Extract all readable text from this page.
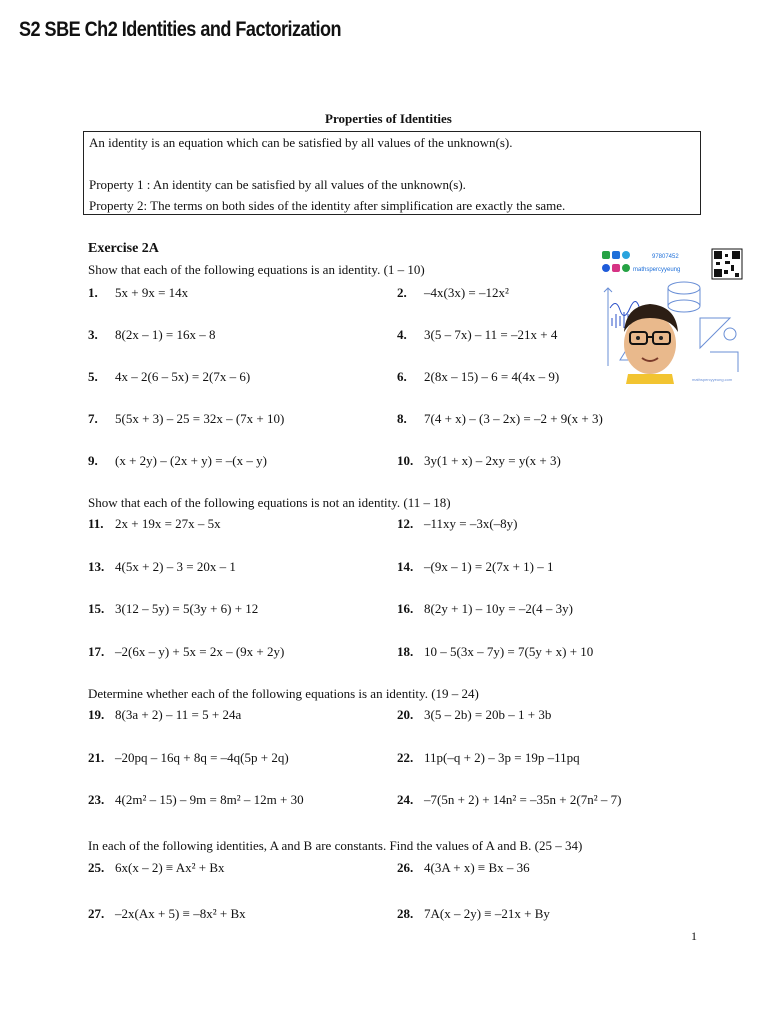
S2 SBE Ch2 Identities and Factorization
Properties of Identities

An identity is an equation which can be satisfied by all values of the unknown(s).

Property 1 : An identity can be satisfied by all values of the unknown(s).

Property 2: The terms on both sides of the identity after simplification are exactly the same.

Exercise 2A
Show that each of the following equations is an identity. (1 – 10)
Show that each of the following equations is not an identity. (11 – 18)
Determine whether each of the following equations is an identity. (19 – 24)
In each of the following identities, A and B are constants. Find the values of A and B. (25 – 34)
1. 5x + 9x = 14x
3. 8(2x – 1) = 16x – 8
5. 4x – 2(6 – 5x) = 2(7x – 6)
7. 5(5x + 3) – 25 = 32x – (7x + 10)
9. (x + 2y) – (2x + y) = –(x – y)
11. 2x + 19x = 27x – 5x
13. 4(5x + 2) – 3 = 20x – 1
15. 3(12 – 5y) = 5(3y + 6) + 12
17. –2(6x – y) + 5x = 2x – (9x + 2y)
19. 8(3a + 2) – 11 = 5 + 24a
21. –20pq – 16q + 8q = –4q(5p + 2q)
23. 4(2m² – 15) – 9m = 8m² – 12m + 30
25. 6x(x – 2) ≡ Ax² + Bx
27. –2x(Ax + 5) ≡ –8x² + Bx
2. –4x(3x) = –12x²
4. 3(5 – 7x) – 11 = –21x + 4
6. 2(8x – 15) – 6 = 4(4x – 9)
8. 7(4 + x) – (3 – 2x) = –2 + 9(x + 3)
10. 3y(1 + x) – 2xy = y(x + 3)
12. –11xy = –3x(–8y)
14. –(9x – 1) = 2(7x + 1) – 1
16. 8(2y + 1) – 10y = –2(4 – 3y)
18. 10 – 5(3x – 7y) = 7(5y + x) + 10
20. 3(5 – 2b) = 20b – 1 + 3b
22. 11p(–q + 2) – 3p = 19p –11pq
24. –7(5n + 2) + 14n² = –35n + 2(7n² – 7)
26. 4(3A + x) ≡ Bx – 36
28. 7A(x – 2y) ≡ –21x + By
97807452
mathspercyyeung
mathspercyyeung.com
1
